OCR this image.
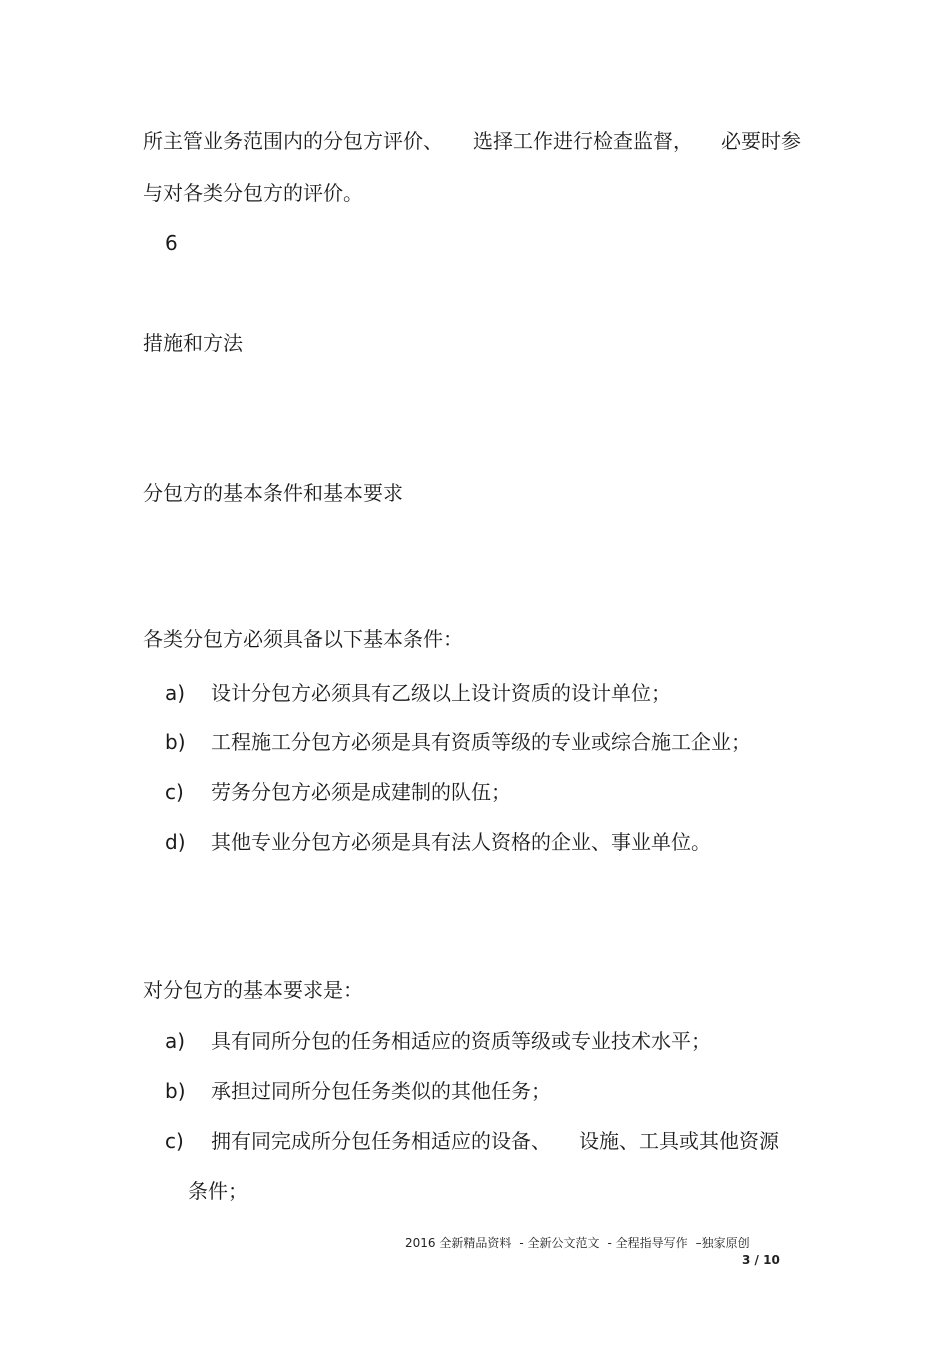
所主管业务范围内的分包方评价、 选择工作进行检查监督， 必要时参
与对各类分包方的评价。
6
措施和方法
分包方的基本条件和基本要求
各类分包方必须具备以下基本条件：
a) 设计分包方必须具有乙级以上设计资质的设计单位；
b) 工程施工分包方必须是具有资质等级的专业或综合施工企业；
c) 劳务分包方必须是成建制的队伍；
d) 其他专业分包方必须是具有法人资格的企业、事业单位。
对分包方的基本要求是：
a) 具有同所分包的任务相适应的资质等级或专业技术水平；
b) 承担过同所分包任务类似的其他任务；
c) 拥有同完成所分包任务相适应的设备、 设施、工具或其他资源
条件；
2016 全新精品资料 - 全新公文范文 - 全程指导写作 –独家原创
3 / 10
